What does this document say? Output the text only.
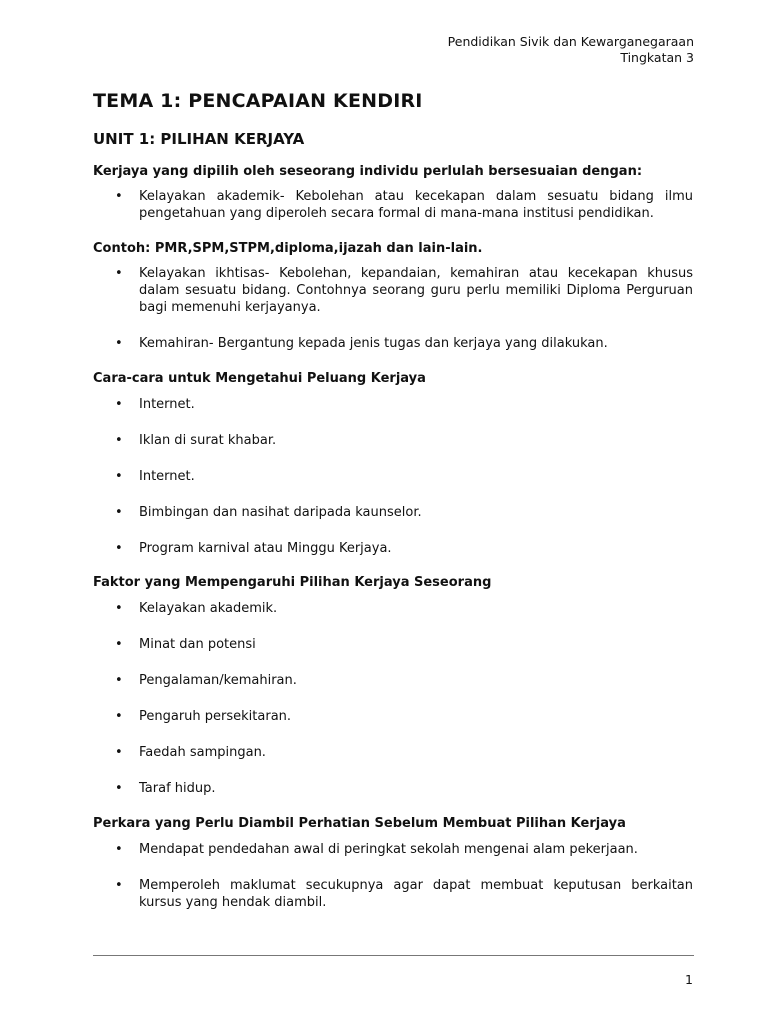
Pendidikan Sivik dan Kewarganegaraan
Tingkatan 3
TEMA 1: PENCAPAIAN KENDIRI
UNIT 1: PILIHAN KERJAYA
Kerjaya yang dipilih oleh seseorang individu perlulah bersesuaian dengan:
• Kelayakan akademik- Kebolehan atau kecekapan dalam sesuatu bidang ilmu pengetahuan yang diperoleh secara formal di mana-mana institusi pendidikan.
Contoh: PMR,SPM,STPM,diploma,ijazah dan lain-lain.
• Kelayakan ikhtisas- Kebolehan, kepandaian, kemahiran atau kecekapan khusus dalam sesuatu bidang. Contohnya seorang guru perlu memiliki Diploma Perguruan bagi memenuhi kerjayanya.
• Kemahiran- Bergantung kepada jenis tugas dan kerjaya yang dilakukan.
Cara-cara untuk Mengetahui Peluang Kerjaya
• Internet.
• Iklan di surat khabar.
• Internet.
• Bimbingan dan nasihat daripada kaunselor.
• Program karnival atau Minggu Kerjaya.
Faktor yang Mempengaruhi Pilihan Kerjaya Seseorang
• Kelayakan akademik.
• Minat dan potensi
• Pengalaman/kemahiran.
• Pengaruh persekitaran.
• Faedah sampingan.
• Taraf hidup.
Perkara yang Perlu Diambil Perhatian Sebelum Membuat Pilihan Kerjaya
• Mendapat pendedahan awal di peringkat sekolah mengenai alam pekerjaan.
• Memperoleh maklumat secukupnya agar dapat membuat keputusan berkaitan kursus yang hendak diambil.
1
